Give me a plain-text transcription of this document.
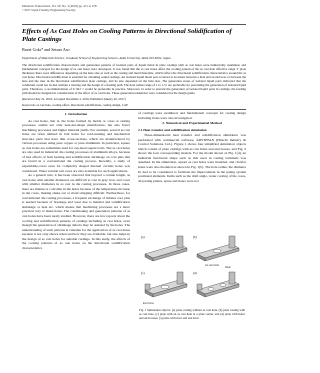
Materials Transactions, Vol. 59, No. 3 (2018) pp. 471 to 478
©2017 Japan Foundry Engineering Society
Effects of As Cast Holes on Cooling Patterns in Directional Solidification of Plate Castings
Bozet Goks* and Setsuo Aso
Department of Materials Science, Graduate School of Engineering Science, Akita University, Akita 010-8502, Japan
The directional solidification characteristics and generation patterns of isolated parts of liquid metal in plate castings with as cast holes were numerically examined, and fundamental concepts for the design of as cast holes were developed. It was found that the as cast holes affect the cooling pattern of the as cast hole effective range. T plate thickness; there were differences depending on the hole size as well as the casting and mold materials, which reflect the directional solidification characteristics around the as cast holes. Directional solidification is essential for obtaining sound castings. An isolated liquid metal part occurred at locations between a hole and an end boss or between the hole and the riser in the directional solidification plate castings, and its size depended on the hole size. The generation zones of isolated liquid parts indicated that the conditions could not be met without a risering and the design of a feeding path. The hole radius range of 1 to 1.5 t are preferable for preventing the generation of isolated liquid parts. Therefore, a recommendation of 0-<R/t < would be preferable in practice. Moreover, in order to prevent the generation of isolated liquid parts in castings, the feeding path should be designed in consideration of the effect of as cast holes. These generation tendencies were considered in the design guide.
(Received July 22, 2016; Accepted December 2, 2016; Published January 20, 2017)
Keywords: as cast hole, cooling effect, directional solidification, casting design, CAE
1. Introduction

As cast holes, that is, the holes formed by molds or cores at casting processes, enable not only near-net-shape manufacture, but also fewer machining processes and higher material yields. For example, several as cast holes are often utilized in bolt holes for cold-running and mechanical structure parts that have thin cross-sections, which are manufactured by various processes using pure copper or pure aluminum. In particular, square as cast holes are sometimes used for cap-head square bolts. The as cast holes are also used in industrial die casting processes of aluminum alloys, because of less effects of both heating and solidification shrinkage on core pins that are found in a conventional die casting process. Recently, a study of expendable-cores even for complexly shaped internal cavities holes was considered. Water soluble salt cores are also available for such applications.

As a general rule, it has been observed that beyond a certain length, as cast holes with smaller diameters are difficult to cast in gray iron, and cores with smaller diameters in as cast in die casting processes. In those cases, there are misrun or cold shut in the holes because of the temperature increase in the cores, making shake out or mold stripping difficult. Furthermore, for conventional die casting processes, a frequent exchange of thinner core pins is needed because of breakage and wear due to thermal and solidification shrinkage or heat etc. which means that machining processes are a more practical way to make holes. The conditioning and generation patterns of as cast holes have been rarely studied. However, there are few reports about the cooling and solidification patterns of castings including as cast holes, even though the generation of shrinkage defects may be assisted by the holes. The understanding of such patterns is valuable for the application of as cast holes because it not only shows when and how they are available, but also helps in the design of as cast holes for suitable castings. In this study, the effects of the cooling patterns of as cast holes on the directional solidification characteristics

of castings were examined, and fundamental concepts for casting design including holes were also investigated.

2. Numerical and Experimental Method
2.1 Heat transfer and solidification simulation

Three-dimensional heat transfer and solidification simulation was performed with commercial software, ADSTEFAN (Hitachi Industry & Control Solutions, Ltd.). Figure 1 shows four simplified simulation objects which consist of plate castings with as cast holes and end bosses, and Fig. 2 shows the four corresponding models. For the model shown as Fig. 1(d), an industrial functional shape such as that used in casting terminals was assumed. In the simulation, square as cast holes were modeled, and circular holes were also modeled as shown in Fig. 1(b). The hole radius, the diameter D, had to be considered to facilitate the improvement in the gating system positional elements. Items such as the draft angle, water cooling of the cores, all parting planes, sprue and risers were not

(a)	(b)
(c)	(d)
Riser
As cast hole
End boss
Fig. 1 Simulation objects: (a) plate casting without as cast hole, (b) plate casting with as cast hole, (c) plate with an as cast hole at a plate center, and (d) plate with holes and end bosses. (a) plate with riser and end boss.
